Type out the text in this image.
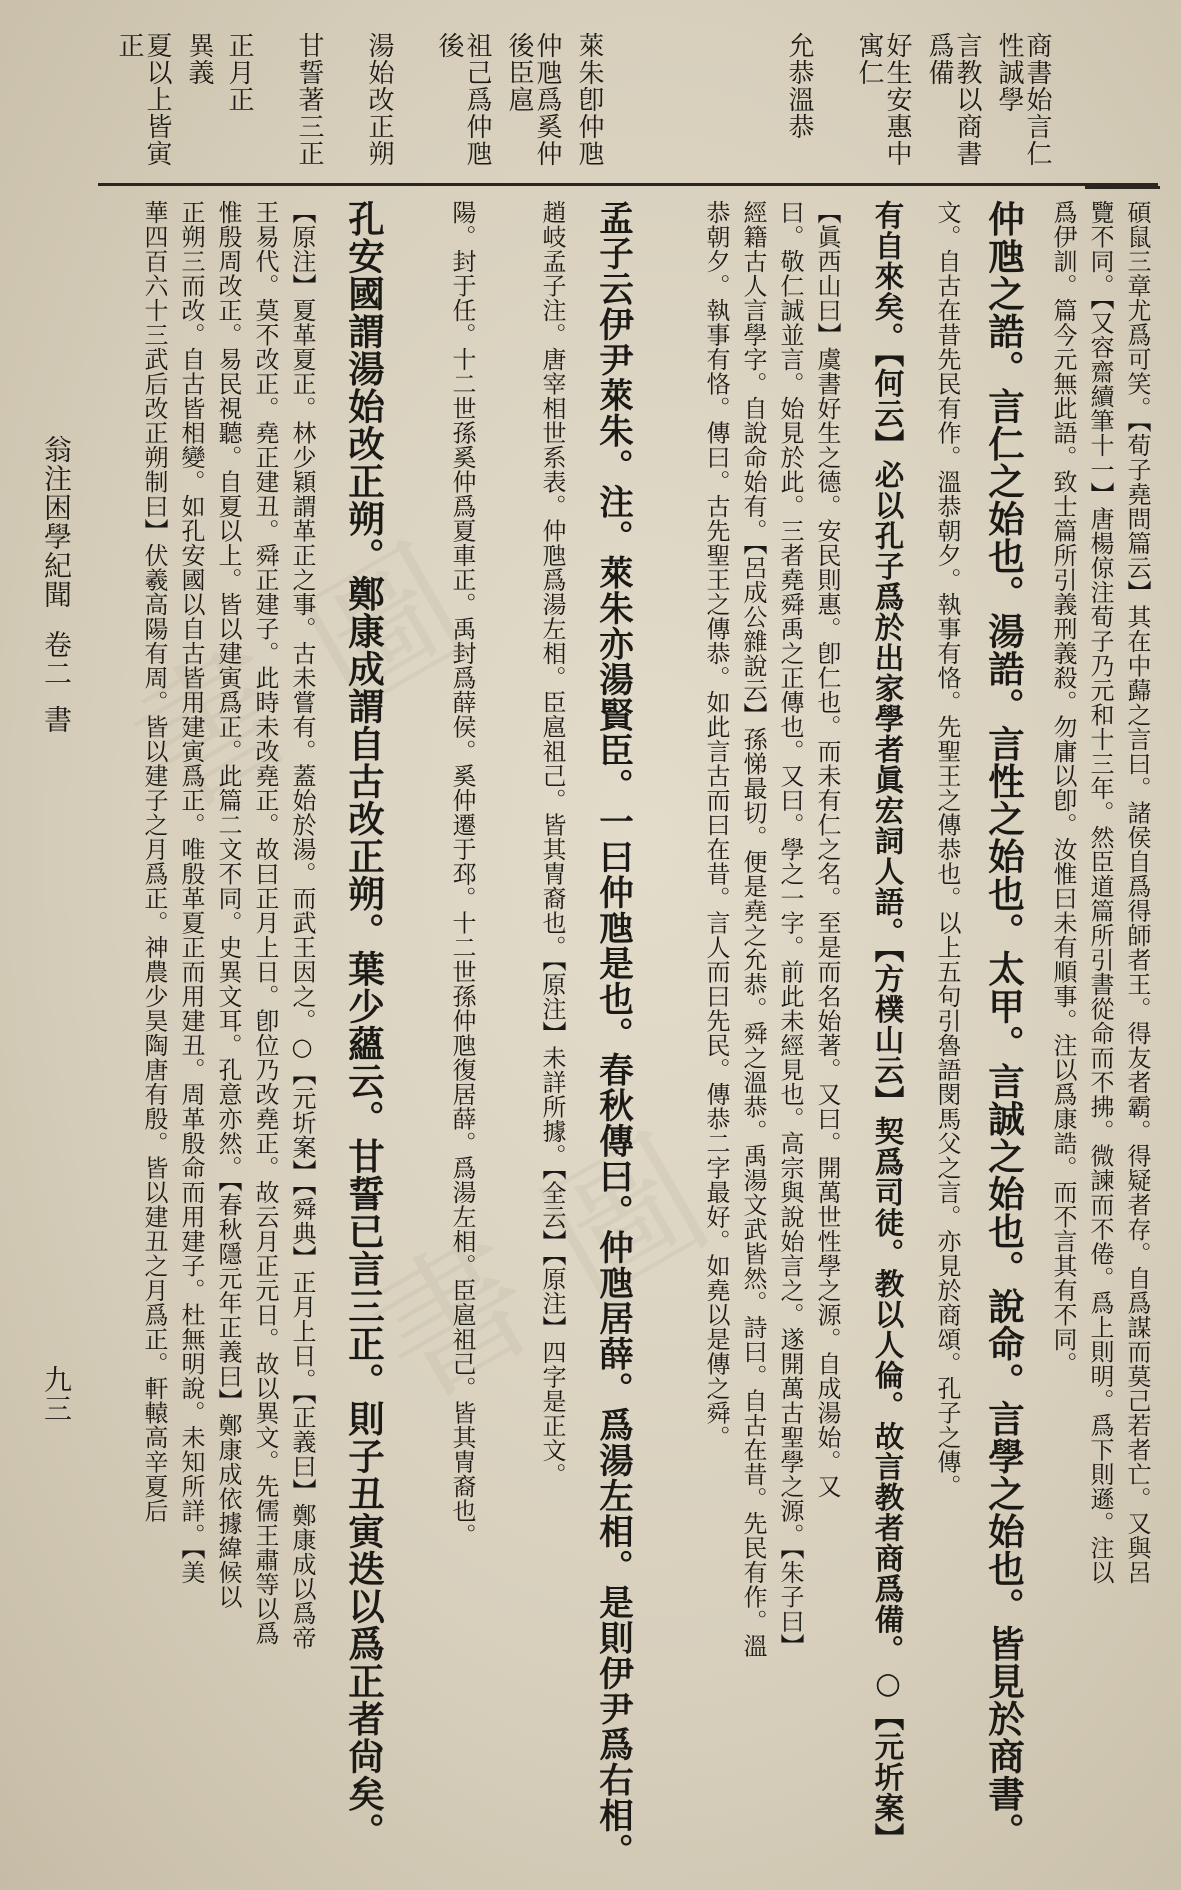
書 圖
書 圖
商書始言仁性誠學
言教以商書爲備
好生安惠中寓仁
允恭溫恭
萊朱卽仲虺
仲虺爲奚仲後臣扈
祖己爲仲虺後
湯始改正朔
甘誓著三正
正月正
異義
夏以上皆寅正
碩鼠三章尤爲可笑。【荀子堯問篇云】其在中蘬之言曰。諸侯自爲得師者王。得友者霸。得疑者存。自爲謀而莫己若者亡。又與呂
覽不同。【又容齋續筆十一】唐楊倞注荀子乃元和十三年。然臣道篇所引書從命而不拂。微諫而不倦。爲上則明。爲下則遜。注以
爲伊訓。篇今元無此語。致士篇所引義刑義殺。勿庸以卽。汝惟曰未有順事。注以爲康誥。而不言其有不同。
仲虺之誥。言仁之始也。湯誥。言性之始也。太甲。言誠之始也。說命。言學之始也。皆見於商書。
文。自古在昔先民有作。溫恭朝夕。執事有恪。先聖王之傳恭也。以上五句引魯語閔馬父之言。亦見於商頌。孔子之傳。
有自來矣。【何云】必以孔子爲於出家學者眞宏詞人語。【方樸山云】契爲司徒。教以人倫。故言教者商爲備。○【元圻案】
【眞西山曰】虞書好生之德。安民則惠。卽仁也。而未有仁之名。至是而名始著。又曰。開萬世性學之源。自成湯始。又
曰。敬仁誠並言。始見於此。三者堯舜禹之正傳也。又曰。學之一字。前此未經見也。高宗與說始言之。遂開萬古聖學之源。【朱子曰】
經籍古人言學字。自說命始有。【呂成公雜說云】孫悌最切。便是堯之允恭。舜之溫恭。禹湯文武皆然。詩曰。自古在昔。先民有作。溫
恭朝夕。執事有恪。傳曰。古先聖王之傳恭。如此言古而曰在昔。言人而曰先民。傳恭二字最好。如堯以是傳之舜。
孟子云伊尹萊朱。注。萊朱亦湯賢臣。一曰仲虺是也。春秋傳曰。仲虺居薛。爲湯左相。是則伊尹爲右相。
趙岐孟子注。唐宰相世系表。仲虺爲湯左相。臣扈祖己。皆其冑裔也。【原注】未詳所據。【全云】【原注】四字是正文。
陽。封于任。十二世孫奚仲爲夏車正。禹封爲薛侯。奚仲遷于邳。十二世孫仲虺復居薛。爲湯左相。臣扈祖己。皆其冑裔也。
孔安國謂湯始改正朔。鄭康成謂自古改正朔。葉少蘊云。甘誓已言三正。則子丑寅迭以爲正者尙矣。
【原注】夏革夏正。林少穎謂革正之事。古未嘗有。蓋始於湯。而武王因之。○【元圻案】【舜典】正月上日。【正義曰】鄭康成以爲帝
王易代。莫不改正。堯正建丑。舜正建子。此時未改堯正。故曰正月上日。卽位乃改堯正。故云月正元日。故以異文。先儒王肅等以爲
惟殷周改正。易民視聽。自夏以上。皆以建寅爲正。此篇二文不同。史異文耳。孔意亦然。【春秋隱元年正義曰】鄭康成依據緯候以
正朔三而改。自古皆相變。如孔安國以自古皆用建寅爲正。唯殷革夏正而用建丑。周革殷命而用建子。杜無明說。未知所詳。【美
華四百六十三武后改正朔制曰】伏羲高陽有周。皆以建子之月爲正。神農少昊陶唐有殷。皆以建丑之月爲正。軒轅高辛夏后
翁注困學紀聞
卷二
書
九三
